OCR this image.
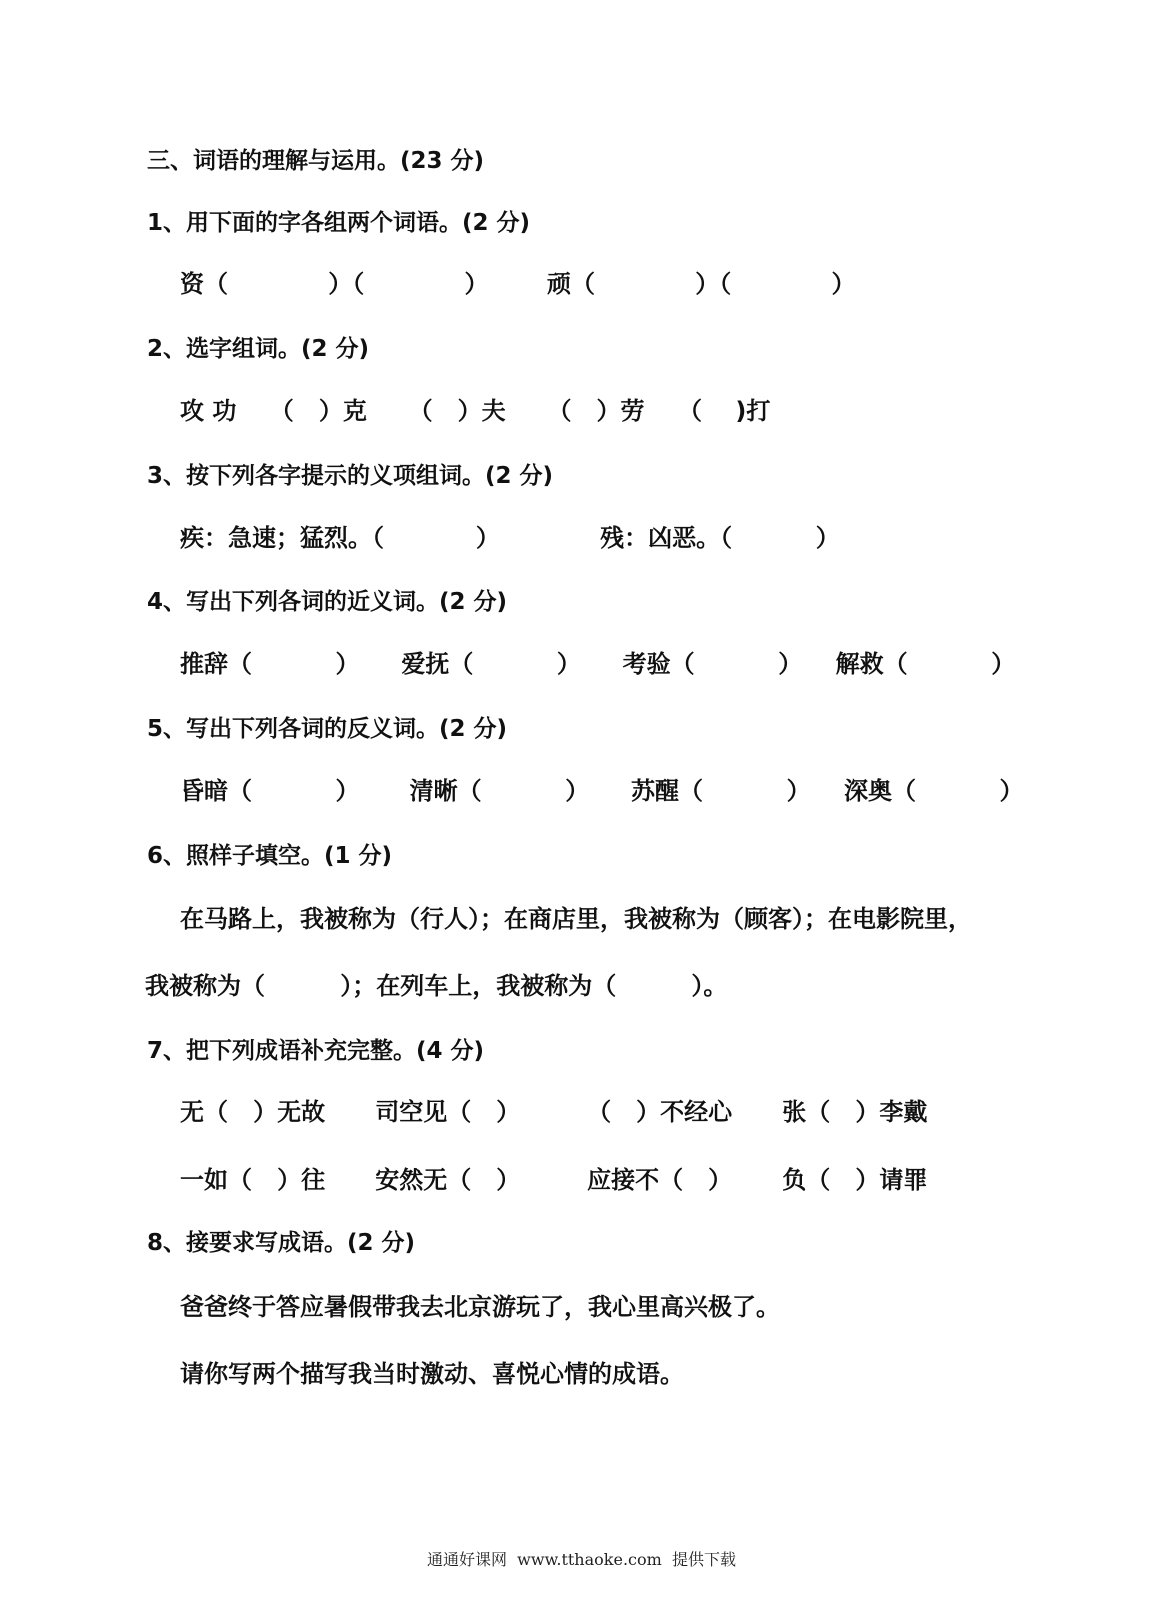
三、词语的理解与运用。(23 分)
1、用下面的字各组两个词语。(2 分)
资（            ）（            ）       顽（            ）（            ）
2、选字组词。(2 分)
攻 功    （   ）克     （   ）夫     （   ）劳    （    )打
3、按下列各字提示的义项组词。(2 分)
疾：急速；猛烈。（           ）            残：凶恶。（          ）
4、写出下列各词的近义词。(2 分)
推辞（          ）     爱抚（          ）     考验（          ）    解救（          ）
5、写出下列各词的反义词。(2 分)
昏暗（          ）      清晰（          ）     苏醒（          ）    深奥（          ）
6、照样子填空。(1 分)
在马路上，我被称为（行人）；在商店里，我被称为（顾客）；在电影院里，
我被称为（         ）；在列车上，我被称为（         ）。
7、把下列成语补充完整。(4 分)
无（   ）无故      司空见（   ）        （   ）不经心      张（   ）李戴
一如（   ）往      安然无（   ）        应接不（   ）      负（   ）请罪
8、接要求写成语。(2 分)
爸爸终于答应暑假带我去北京游玩了，我心里高兴极了。
请你写两个描写我当时激动、喜悦心情的成语。
通通好课网  www.tthaoke.com  提供下载
